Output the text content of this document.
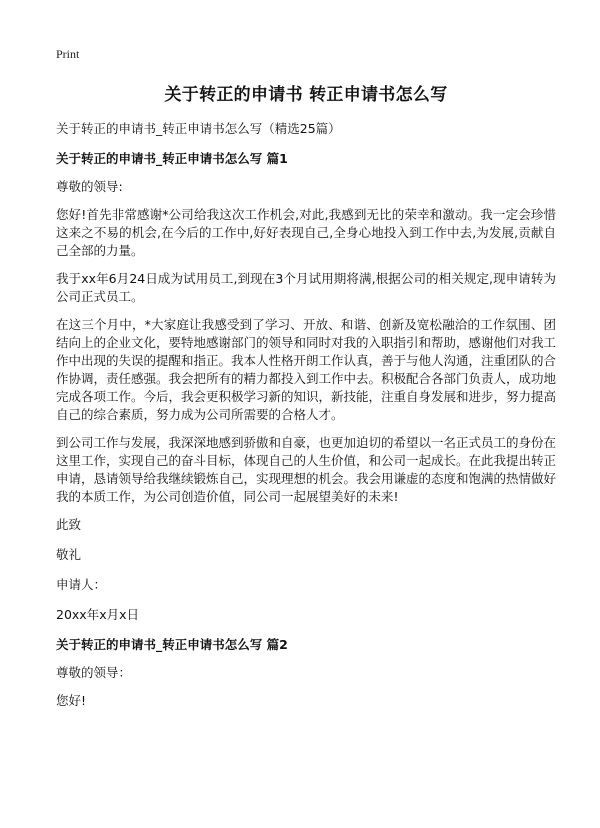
Print

关于转正的申请书 转正申请书怎么写

关于转正的申请书_转正申请书怎么写（精选25篇）

关于转正的申请书_转正申请书怎么写 篇1

尊敬的领导:

您好!首先非常感谢*公司给我这次工作机会,对此,我感到无比的荣幸和激动。我一定会珍惜这来之不易的机会,在今后的工作中,好好表现自己,全身心地投入到工作中去,为发展,贡献自己全部的力量。

我于xx年6月24日成为试用员工,到现在3个月试用期将满,根据公司的相关规定,现申请转为公司正式员工。

在这三个月中，*大家庭让我感受到了学习、开放、和谐、创新及宽松融洽的工作氛围、团结向上的企业文化，要特地感谢部门的领导和同时对我的入职指引和帮助，感谢他们对我工作中出现的失误的提醒和指正。我本人性格开朗工作认真，善于与他人沟通，注重团队的合作协调，责任感强。我会把所有的精力都投入到工作中去。积极配合各部门负责人，成功地完成各项工作。今后，我会更积极学习新的知识，新技能，注重自身发展和进步，努力提高自己的综合素质，努力成为公司所需要的合格人才。

到公司工作与发展，我深深地感到骄傲和自豪，也更加迫切的希望以一名正式员工的身份在这里工作，实现自己的奋斗目标，体现自己的人生价值，和公司一起成长。在此我提出转正申请，恳请领导给我继续锻炼自己，实现理想的机会。我会用谦虚的态度和饱满的热情做好我的本质工作，为公司创造价值，同公司一起展望美好的未来!

此致

敬礼

申请人：

20xx年x月x日

关于转正的申请书_转正申请书怎么写 篇2

尊敬的领导：

您好!
